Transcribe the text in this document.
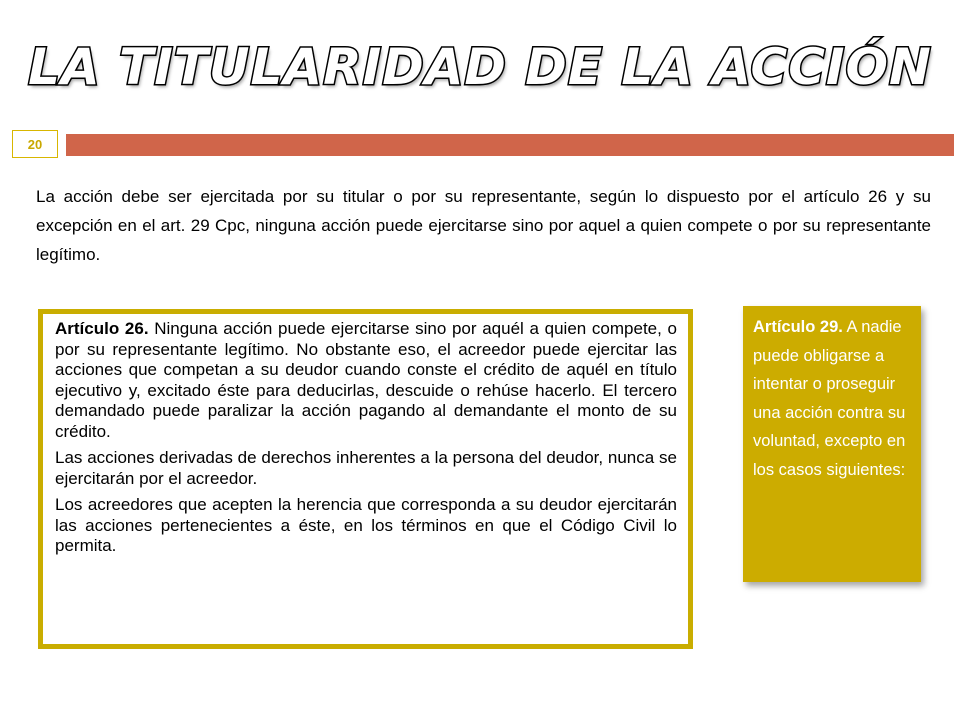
LA TITULARIDAD DE LA ACCIÓN
20
La acción debe ser ejercitada por su titular o por su representante, según lo dispuesto por el artículo 26 y su excepción en el art. 29 Cpc, ninguna acción puede ejercitarse sino por aquel a quien compete o por su representante legítimo.

Artículo 26. Ninguna acción puede ejercitarse sino por aquél a quien compete, o por su representante legítimo. No obstante eso, el acreedor puede ejercitar las acciones que competan a su deudor cuando conste el crédito de aquél en título ejecutivo y, excitado éste para deducirlas, descuide o rehúse hacerlo. El tercero demandado puede paralizar la acción pagando al demandante el monto de su crédito.

Las acciones derivadas de derechos inherentes a la persona del deudor, nunca se ejercitarán por el acreedor.

Los acreedores que acepten la herencia que corresponda a su deudor ejercitarán las acciones pertenecientes a éste, en los términos en que el Código Civil lo permita.

Artículo 29. A nadie puede obligarse a intentar o proseguir una acción contra su voluntad, excepto en los casos siguientes:
